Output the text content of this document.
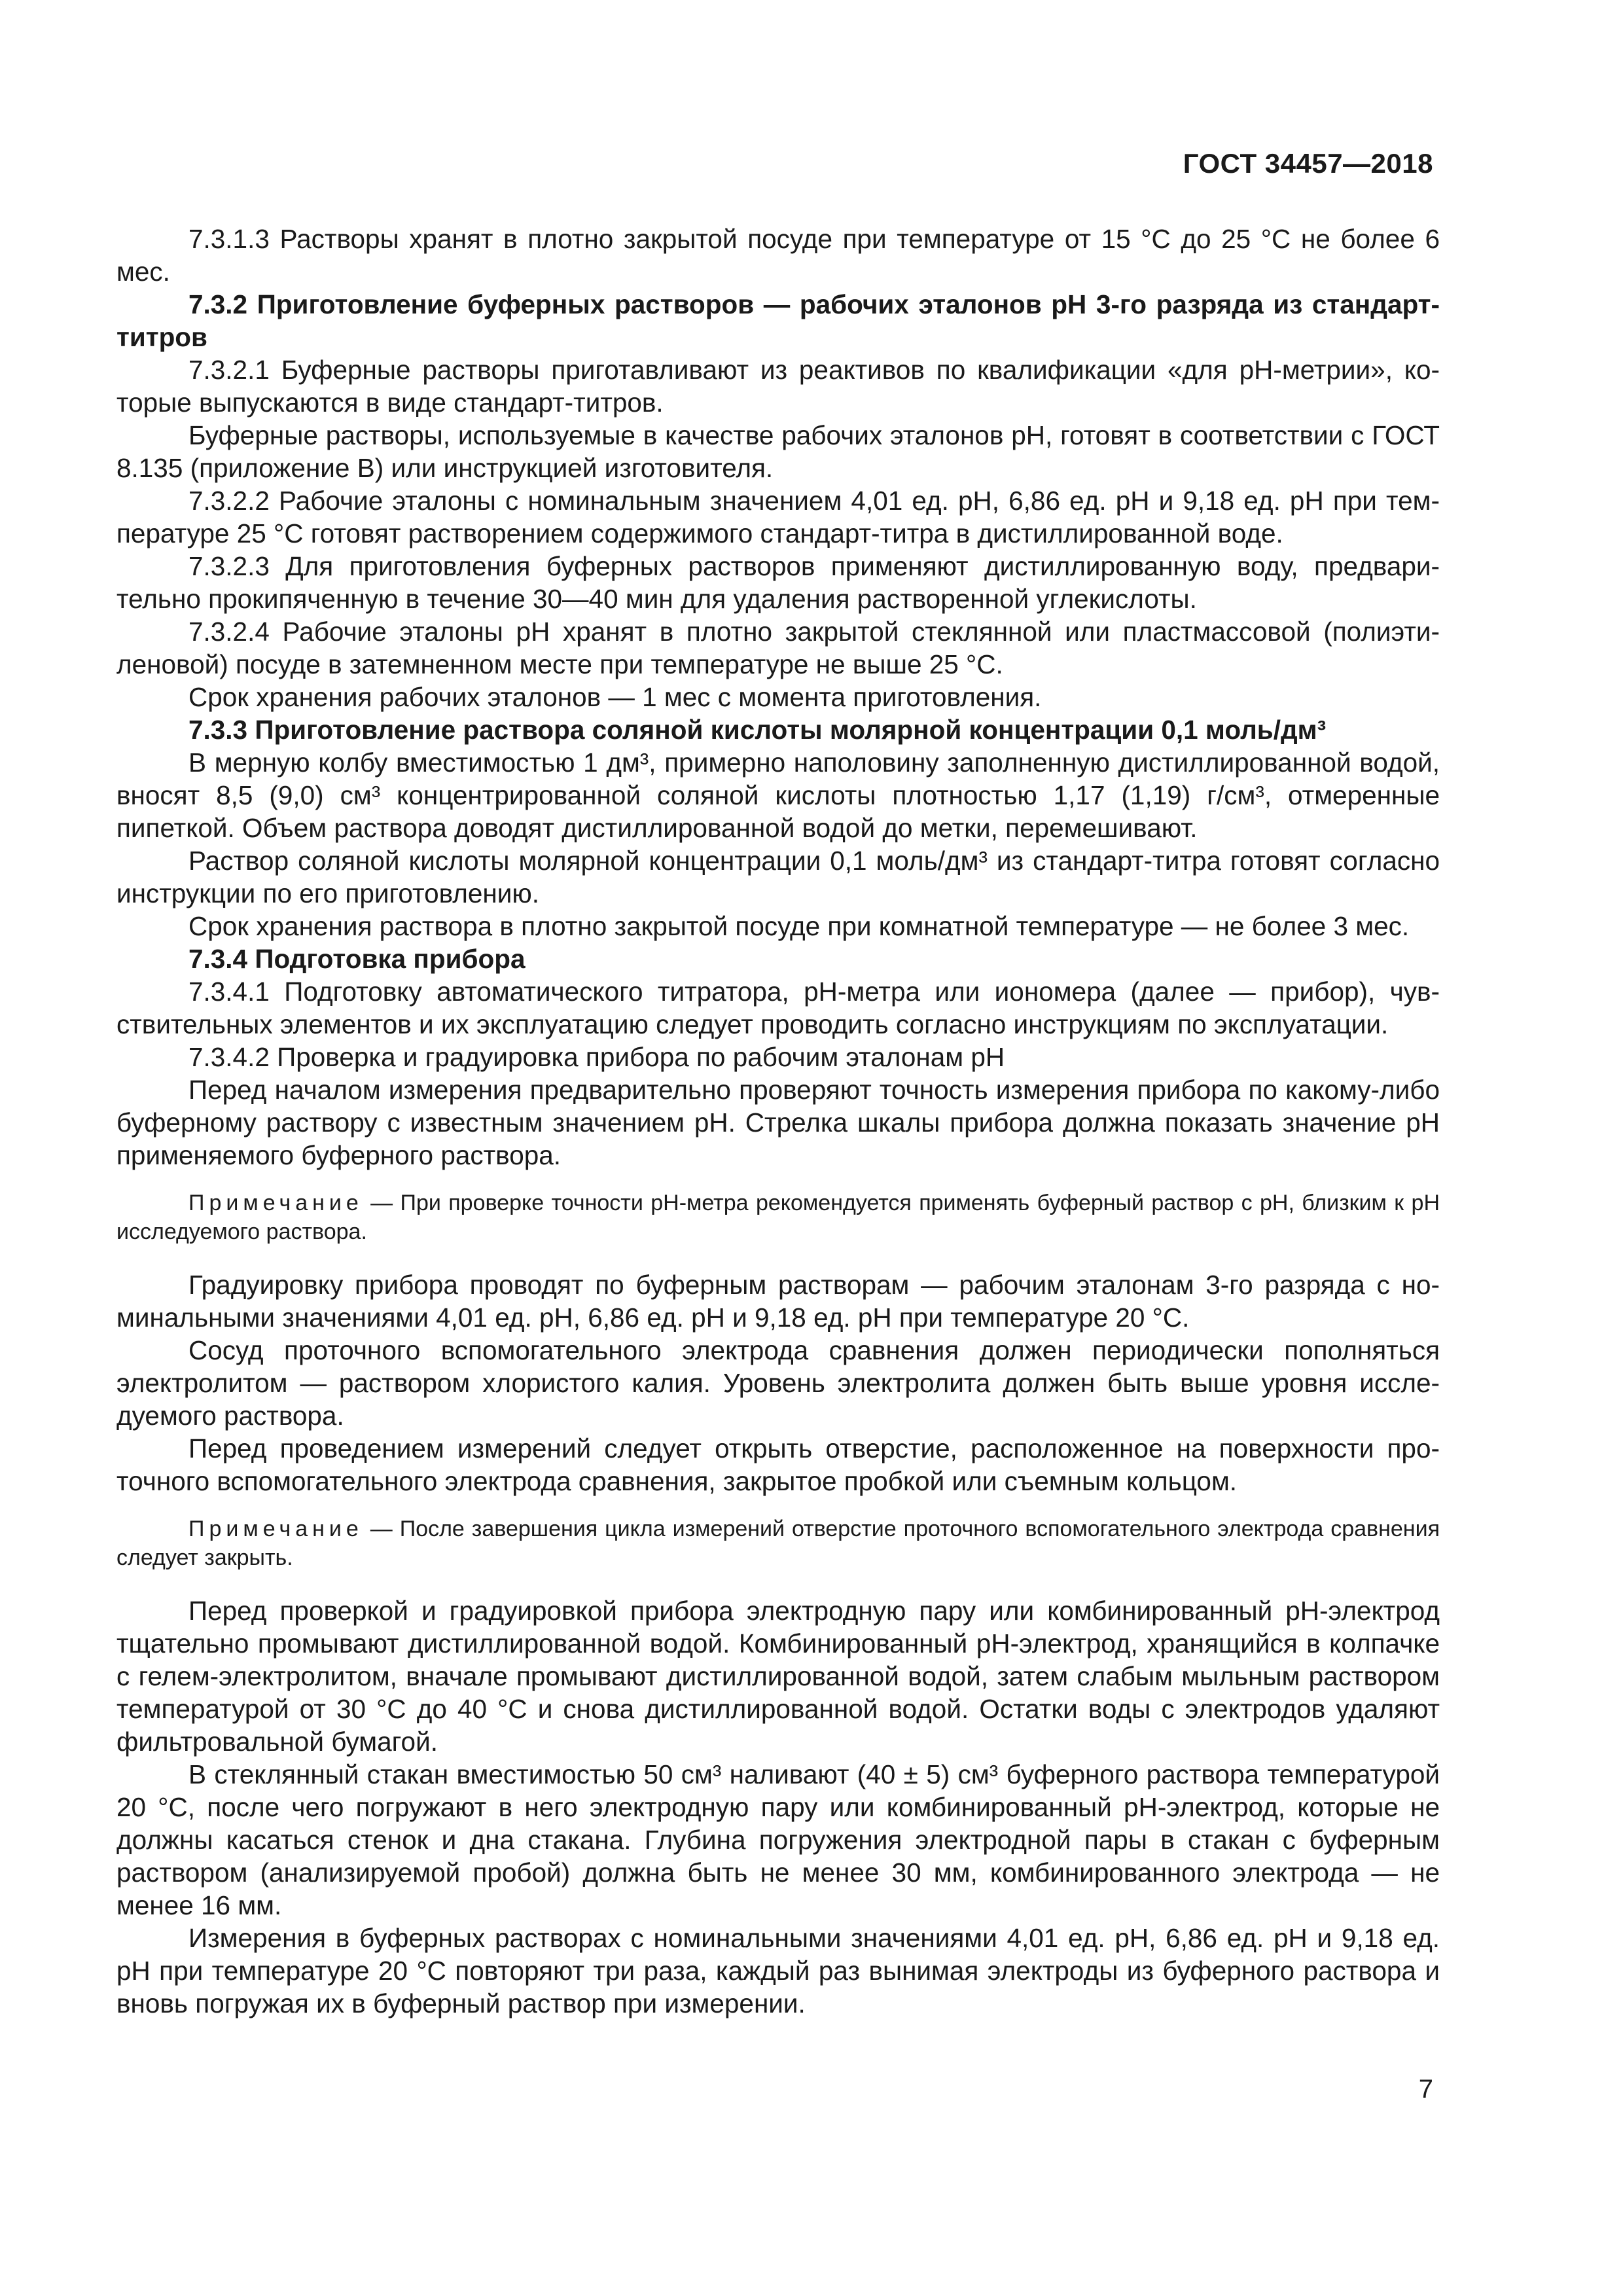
ГОСТ 34457—2018

7.3.1.3 Растворы хранят в плотно закрытой посуде при температуре от 15 °С до 25 °С не более 6 мес.

7.3.2 Приготовление буферных растворов — рабочих эталонов рН 3-го разряда из стандарт-титров

7.3.2.1 Буферные растворы приготавливают из реактивов по квалификации «для рН-метрии», которые выпускаются в виде стандарт-титров.

Буферные растворы, используемые в качестве рабочих эталонов рН, готовят в соответствии с ГОСТ 8.135 (приложение В) или инструкцией изготовителя.

7.3.2.2 Рабочие эталоны с номинальным значением 4,01 ед. рН, 6,86 ед. рН и 9,18 ед. рН при температуре 25 °С готовят растворением содержимого стандарт-титра в дистиллированной воде.

7.3.2.3 Для приготовления буферных растворов применяют дистиллированную воду, предварительно прокипяченную в течение 30—40 мин для удаления растворенной углекислоты.

7.3.2.4 Рабочие эталоны рН хранят в плотно закрытой стеклянной или пластмассовой (полиэтиленовой) посуде в затемненном месте при температуре не выше 25 °С.

Срок хранения рабочих эталонов — 1 мес с момента приготовления.

7.3.3 Приготовление раствора соляной кислоты молярной концентрации 0,1 моль/дм³

В мерную колбу вместимостью 1 дм³, примерно наполовину заполненную дистиллированной водой, вносят 8,5 (9,0) см³ концентрированной соляной кислоты плотностью 1,17 (1,19) г/см³, отмеренные пипеткой. Объем раствора доводят дистиллированной водой до метки, перемешивают.

Раствор соляной кислоты молярной концентрации 0,1 моль/дм³ из стандарт-титра готовят согласно инструкции по его приготовлению.

Срок хранения раствора в плотно закрытой посуде при комнатной температуре — не более 3 мес.

7.3.4 Подготовка прибора

7.3.4.1 Подготовку автоматического титратора, рН-метра или иономера (далее — прибор), чувствительных элементов и их эксплуатацию следует проводить согласно инструкциям по эксплуатации.

7.3.4.2 Проверка и градуировка прибора по рабочим эталонам рН

Перед началом измерения предварительно проверяют точность измерения прибора по какому-либо буферному раствору с известным значением рН. Стрелка шкалы прибора должна показать значение рН применяемого буферного раствора.

Примечание — При проверке точности рН-метра рекомендуется применять буферный раствор с рН, близким к рН исследуемого раствора.

Градуировку прибора проводят по буферным растворам — рабочим эталонам 3-го разряда с номинальными значениями 4,01 ед. рН, 6,86 ед. рН и 9,18 ед. рН при температуре 20 °С.

Сосуд проточного вспомогательного электрода сравнения должен периодически пополняться электролитом — раствором хлористого калия. Уровень электролита должен быть выше уровня исследуемого раствора.

Перед проведением измерений следует открыть отверстие, расположенное на поверхности проточного вспомогательного электрода сравнения, закрытое пробкой или съемным кольцом.

Примечание — После завершения цикла измерений отверстие проточного вспомогательного электрода сравнения следует закрыть.

Перед проверкой и градуировкой прибора электродную пару или комбинированный рН-электрод тщательно промывают дистиллированной водой. Комбинированный рН-электрод, хранящийся в колпачке с гелем-электролитом, вначале промывают дистиллированной водой, затем слабым мыльным раствором температурой от 30 °С до 40 °С и снова дистиллированной водой. Остатки воды с электродов удаляют фильтровальной бумагой.

В стеклянный стакан вместимостью 50 см³ наливают (40 ± 5) см³ буферного раствора температурой 20 °С, после чего погружают в него электродную пару или комбинированный рН-электрод, которые не должны касаться стенок и дна стакана. Глубина погружения электродной пары в стакан с буферным раствором (анализируемой пробой) должна быть не менее 30 мм, комбинированного электрода — не менее 16 мм.

Измерения в буферных растворах с номинальными значениями 4,01 ед. рН, 6,86 ед. рН и 9,18 ед. рН при температуре 20 °С повторяют три раза, каждый раз вынимая электроды из буферного раствора и вновь погружая их в буферный раствор при измерении.

7
